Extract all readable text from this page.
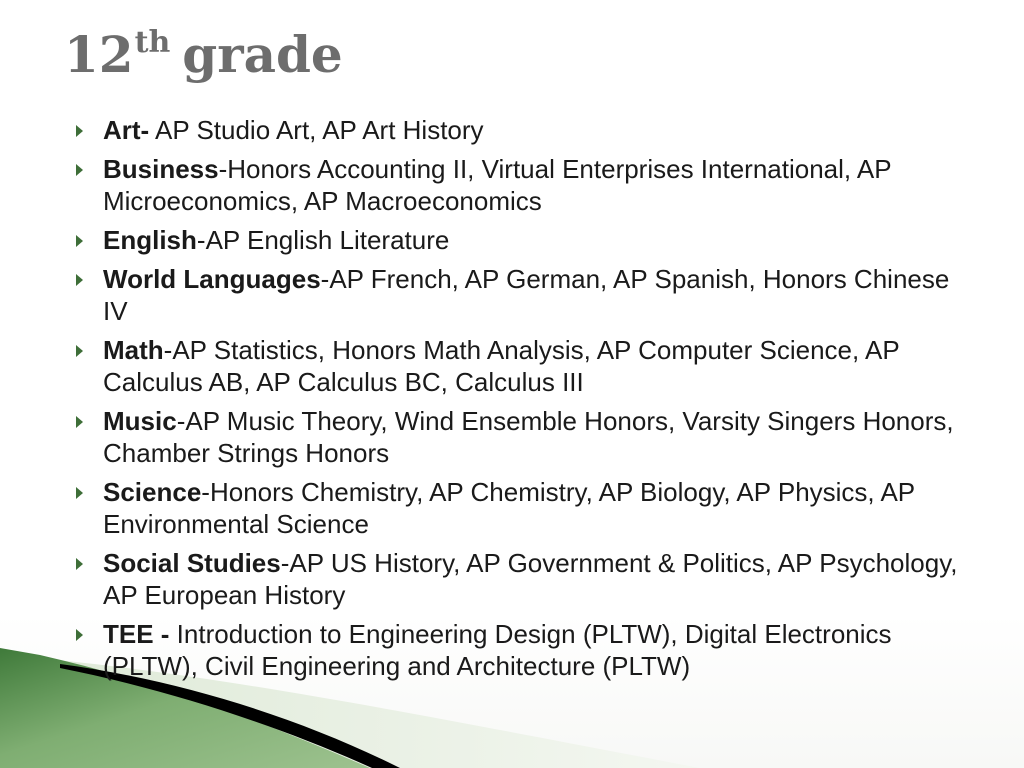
12th grade
Art- AP Studio Art, AP Art History
Business-Honors Accounting II, Virtual Enterprises International, AP Microeconomics, AP Macroeconomics
English-AP English Literature
World Languages-AP French, AP German, AP Spanish, Honors Chinese IV
Math-AP Statistics, Honors Math Analysis, AP Computer Science, AP Calculus AB, AP Calculus BC, Calculus III
Music-AP Music Theory, Wind Ensemble Honors, Varsity Singers Honors, Chamber Strings Honors
Science-Honors Chemistry, AP Chemistry, AP Biology, AP Physics, AP Environmental Science
Social Studies-AP US History, AP Government & Politics, AP Psychology, AP European History
TEE - Introduction to Engineering Design (PLTW), Digital Electronics (PLTW), Civil Engineering and Architecture (PLTW)
